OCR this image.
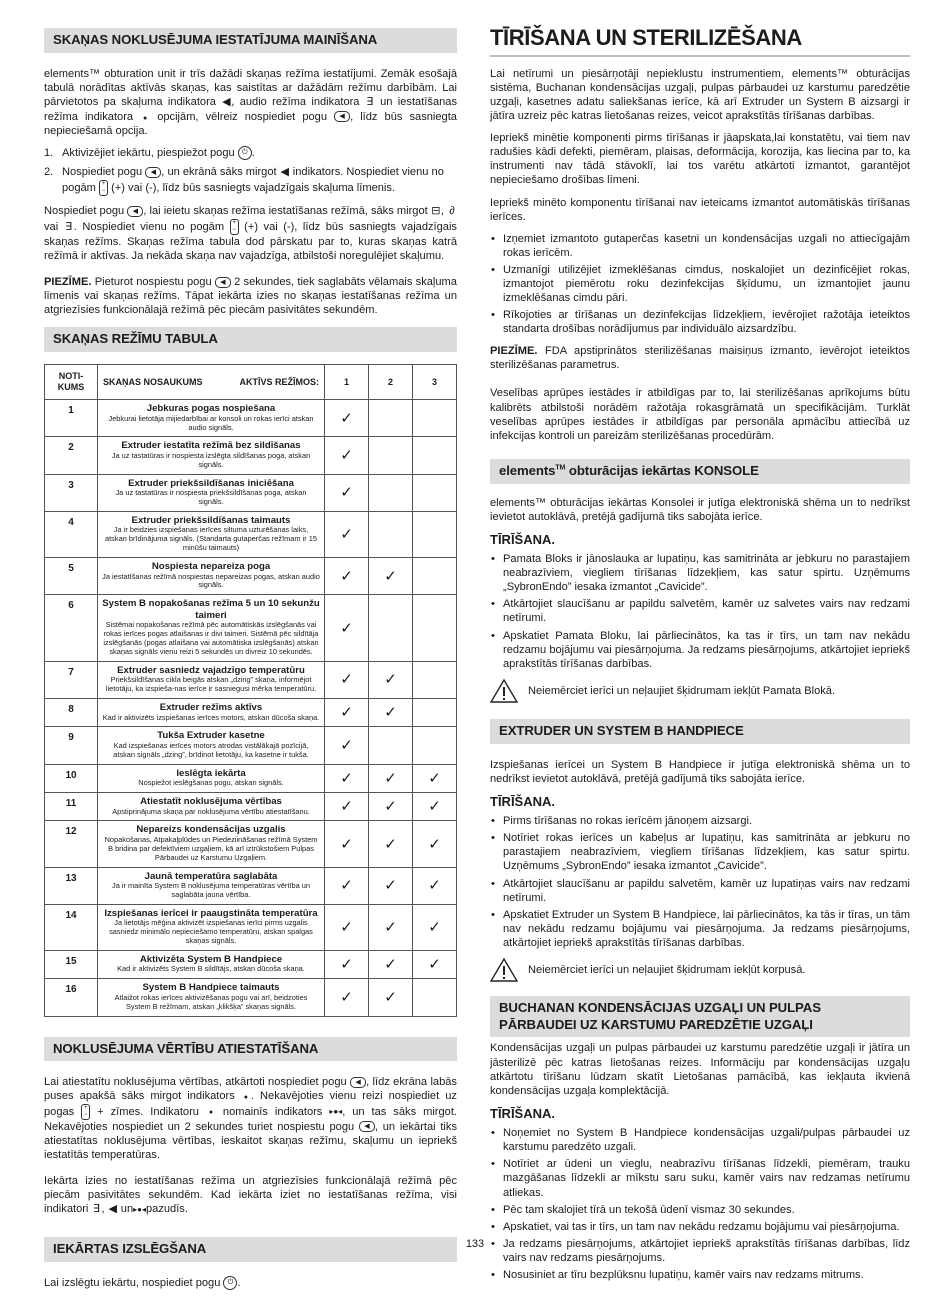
SKAŅAS NOKLUSĒJUMA IESTATĪJUMA MAINĪŠANA

elements™ obturation unit ir trīs dažādi skaņas režīma iestatījumi. Zemāk esošajā tabulā norādītas aktīvās skaņas, kas saistītas ar dažādām režīmu darbībām. Lai pārvietotos pa skaļuma indikatora ◀, audio režīma indikatora ∃ un iestatīšanas režīma indikatora ● opcijām, vēlreiz nospiediet pogu ◀ , līdz būs sasniegta nepieciešamā opcija.

1. Aktivizējiet iekārtu, piespiežot pogu ⏻ .
2. Nospiediet pogu ◀ , un ekrānā sāks mirgot ◀ indikators. Nospiediet vienu no pogām +
− (+) vai (-), līdz būs sasniegts vajadzīgais skaļuma līmenis.

Nospiediet pogu ◀ , lai ieietu skaņas režīma iestatīšanas režīmā, sāks mirgot ⊟, ∂ vai ∃ . Nospiediet vienu no pogām +
− (+) vai (-), līdz būs sasniegts vajadzīgais skaņas režīms. Skaņas režīma tabula dod pārskatu par to, kuras skaņas katrā režīmā ir aktīvas. Ja nekāda skaņa nav vajadzīga, atbilstoši noregulējiet skaļumu.

PIEZĪME. Pieturot nospiestu pogu ◀ 2 sekundes, tiek saglabāts vēlamais skaļuma līmenis vai skaņas režīms. Tāpat iekārta izies no skaņas iestatīšanas režīma un atgriezīsies funkcionālajā režīmā pēc piecām pasivitātes sekundēm.

SKAŅAS REŽĪMU TABULA
NOTI-
KUMS	SKAŅAS NOSAUKUMS AKTĪVS REŽĪMOS:	1	2	3
1	Jebkuras pogas nospiešana
Jebkurai lietotāja mijiedarbībai ar konsoli un rokas ierīci atskan audio signāls.	✓		
2	Extruder iestatīta režīmā bez sildīšanas
Ja uz tastatūras ir nospiesta izslēgta sildīšanas poga, atskan signāls.	✓		
3	Extruder priekšsildīšanas iniciēšana
Ja uz tastatūras ir nospiesta priekšsildīšanas poga, atskan signāls.	✓		
4	Extruder priekšsildīšanas taimauts
Ja ir beidzies izspiešanas ierīces siltuma uzturēšanas laiks, atskan brīdinājuma signāls. (Standarta gutaperčas režīmam ir 15 minūšu taimauts)	✓		
5	Nospiesta nepareiza poga
Ja iestatīšanas režīmā nospiestas nepareizas pogas, atskan audio signāls.	✓	✓	
6	System B nopakošanas režīma 5 un 10 sekunžu taimeri
Sistēmai nopakošanas režīmā pēc automātiskās izslēgšanās vai rokas ierīces pogas atlaišanas ir divi taimeri. Sistēmā pēc sildītāja izslēgšanās (pogas atlaišana vai automātiska izslēgšanās) atskan skaņas signāls vienu reizi 5 sekundēs un divreiz 10 sekundēs.	✓		
7	Extruder sasniedz vajadzīgo temperatūru
Priekšsildīšanas cikla beigās atskan „dzing” skaņa, informējot lietotāju, ka izspieša-nas ierīce ir sasniegusi mērķa temperatūru.	✓	✓	
8	Extruder režīms aktīvs
Kad ir aktivizēts izspiešanas ierīces motors, atskan dūcoša skaņa.	✓	✓	
9	Tukša Extruder kasetne
Kad izspiešanas ierīces motors atrodas vistālākajā pozīcijā, atskan signāls „dzing”, brīdinot lietotāju, ka kasetne ir tukša.	✓		
10	Ieslēgta iekārta
Nospiežot ieslēgšanas pogu, atskan signāls.	✓	✓	✓
11	Atiestatīt noklusējuma vērtības
Apstiprinājuma skaņa par noklusējuma vērtību atiestatīšanu.	✓	✓	✓
12	Nepareizs kondensācijas uzgalis
Nopakošanas, Atpakaļplūdes un Piedeziināšanas režīmā System B bridina par defektīviem uzgaļiem, kā arī iztrūkstošiem Pulpas Pārbaudei uz Karstumu Uzgaļiem.	✓	✓	✓
13	Jaunā temperatūra saglabāta
Ja ir mainīta System B noklusējuma temperatūras vērtība un saglabāta jauna vērtība.	✓	✓	✓
14	Izspiešanas ierīcei ir paaugstināta temperatūra
Ja lietotājs mēģina aktivizēt izspiešanas ierīci pirms uzgalis sasniedz minimālo nepieciešamo temperatūru, atskan spalgas skaņas signāls.	✓	✓	✓
15	Aktivizēta System B Handpiece
Kad ir aktivizēts System B sildītājs, atskan dūcoša skaņa.	✓	✓	✓
16	System B Handpiece taimauts
Atlaižot rokas ierīces aktivizēšanas pogu vai arī, beidzoties System B režīmam, atskan „klikšķa” skaņas signāls.	✓	✓	
NOKLUSĒJUMA VĒRTĪBU ATIESTATĪŠANA

Lai atiestatītu noklusējuma vērtības, atkārtoti nospiediet pogu ◀ , līdz ekrāna labās puses apakšā sāks mirgot indikators ● . Nekavējoties vienu reizi nospiediet uz pogas +
− + zīmes. Indikatoru ● nomainīs indikators ▸●◂, un tas sāks mirgot. Nekavējoties nospiediet un 2 sekundes turiet nospiestu pogu ◀ , un iekārtai tiks atiestatītas noklusējuma vērtības, ieskaitot skaņas režīmu, skaļumu un iepriekš iestatītās temperatūras.

Iekārta izies no iestatīšanas režīma un atgriezīsies funkcionālajā režīmā pēc piecām pasivitātes sekundēm. Kad iekārta iziet no iestatīšanas režīma, visi indikatori ∃ , ◀ un▸●◂pazudīs.

IEKĀRTAS IZSLĒGŠANA

Lai izslēgtu iekārtu, nospiediet pogu ⏻ .

TĪRĪŠANA UN STERILIZĒŠANA

Lai netīrumi un piesārņotāji nepieklustu instrumentiem, elements™ obturācijas sistēma, Buchanan kondensācijas uzgaļi, pulpas pārbaudei uz karstumu paredzētie uzgaļi, kasetnes adatu saliekšanas ierīce, kā arī Extruder un System B aizsargi ir jātīra uzreiz pēc katras lietošanas reizes, veicot aprakstītās tīrīšanas darbības.

Iepriekš minētie komponenti pirms tīrīšanas ir jāapskata,lai konstatētu, vai tiem nav radušies kādi defekti, piemēram, plaisas, deformācija, korozija, kas liecina par to, ka instrumenti nav tādā stāvoklī, lai tos varētu atkārtoti izmantot, garantējot nepieciešamo drošības līmeni.

Iepriekš minēto komponentu tīrīšanai nav ieteicams izmantot automātiskās tīrīšanas ierīces.

• Izņemiet izmantoto gutaperčas kasetni un kondensācijas uzgali no attiecīgajām rokas ierīcēm.
• Uzmanīgi utilizējiet izmeklēšanas cimdus, noskalojiet un dezinficējiet rokas, izmantojot piemērotu roku dezinfekcijas šķīdumu, un izmantojiet jaunu izmeklēšanas cimdu pāri.
• Rīkojoties ar tīrīšanas un dezinfekcijas līdzekļiem, ievērojiet ražotāja ieteiktos standarta drošības norādījumus par individuālo aizsardzību.

PIEZĪME. FDA apstiprinātos sterilizēšanas maisiņus izmanto, ievērojot ieteiktos sterilizēšanas parametrus.

Veselības aprūpes iestādes ir atbildīgas par to, lai sterilizēšanas aprīkojums būtu kalibrēts atbilstoši norādēm ražotāja rokasgrāmatā un specifikācijām. Turklāt veselības aprūpes iestādes ir atbildīgas par personāla apmācību attiecībā uz infekcijas kontroli un pareizām sterilizēšanas procedūrām.

elements™ obturācijas iekārtas KONSOLE

elements™ obturācijas iekārtas Konsolei ir jutīga elektroniskā shēma un to nedrīkst ievietot autoklāvā, pretējā gadījumā tiks sabojāta ierīce.

TĪRĪŠANA.
• Pamata Bloks ir jānoslauka ar lupatiņu, kas samitrināta ar jebkuru no parastajiem neabrazīviem, viegliem tīrīšanas līdzekļiem, kas satur spirtu. Uzņēmums „SybronEndo” iesaka izmantot „Cavicide”.
• Atkārtojiet slaucīšanu ar papildu salvetēm, kamēr uz salvetes vairs nav redzami netīrumi.
• Apskatiet Pamata Bloku, lai pārliecinātos, ka tas ir tīrs, un tam nav nekādu redzamu bojājumu vai piesārņojuma. Ja redzams piesārņojums, atkārtojiet iepriekš aprakstītās tīrīšanas darbības.
Neiemērciet ierīci un neļaujiet šķidrumam iekļūt Pamata Blokā.
EXTRUDER UN SYSTEM B HANDPIECE

Izspiešanas ierīcei un System B Handpiece ir jutīga elektroniskā shēma un to nedrīkst ievietot autoklāvā, pretējā gadījumā tiks sabojāta ierīce.

TĪRĪŠANA.
• Pirms tīrīšanas no rokas ierīcēm jānoņem aizsargi.
• Notīriet rokas ierīces un kabeļus ar lupatiņu, kas samitrināta ar jebkuru no parastajiem neabrazīviem, viegliem tīrīšanas līdzekļiem, kas satur spirtu. Uzņēmums „SybronEndo” iesaka izmantot „Cavicide”.
• Atkārtojiet slaucīšanu ar papildu salvetēm, kamēr uz lupatiņas vairs nav redzami netīrumi.
• Apskatiet Extruder un System B Handpiece, lai pārliecinātos, ka tās ir tīras, un tām nav nekādu redzamu bojājumu vai piesārņojuma. Ja redzams piesārņojums, atkārtojiet iepriekš aprakstītās tīrīšanas darbības.
Neiemērciet ierīci un neļaujiet šķidrumam iekļūt korpusā.
BUCHANAN KONDENSĀCIJAS UZGAĻI UN PULPAS PĀRBAUDEI UZ KARSTUMU PAREDZĒTIE UZGAĻI

Kondensācijas uzgaļi un pulpas pārbaudei uz karstumu paredzētie uzgaļi ir jātīra un jāsterilizē pēc katras lietošanas reizes. Informāciju par kondensācijas uzgaļu atkārtotu tīrīšanu lūdzam skatīt Lietošanas pamācībā, kas iekļauta ikvienā kondensācijas uzgaļa komplektācijā.

TĪRĪŠANA.
• Noņemiet no System B Handpiece kondensācijas uzgali/pulpas pārbaudei uz karstumu paredzēto uzgali.
• Notīriet ar ūdeni un vieglu, neabrazīvu tīrīšanas līdzekli, piemēram, trauku mazgāšanas līdzekli ar mīkstu saru suku, kamēr vairs nav redzamas netīrumu atliekas.
• Pēc tam skalojiet tīrā un tekošā ūdenī vismaz 30 sekundes.
• Apskatiet, vai tas ir tīrs, un tam nav nekādu redzamu bojājumu vai piesārņojuma.
• Ja redzams piesārņojums, atkārtojiet iepriekš aprakstītās tīrīšanas darbības, līdz vairs nav redzams piesārņojums.
• Nosusiniet ar tīru bezplūksnu lupatiņu, kamēr vairs nav redzams mitrums.
133
